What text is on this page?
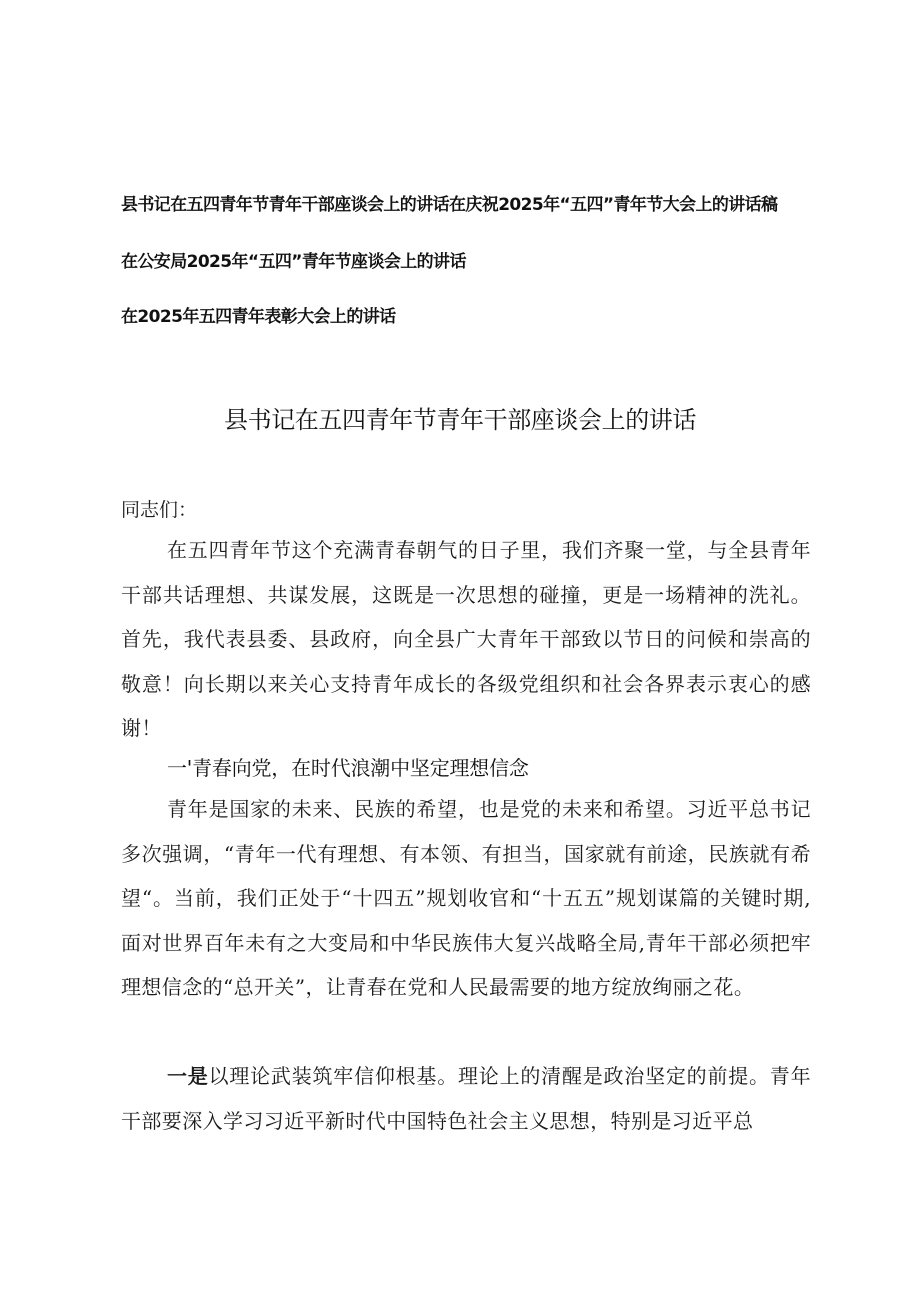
县书记在五四青年节青年干部座谈会上的讲话在庆祝2025年“五四”青年节大会上的讲话稿
在公安局2025年“五四”青年节座谈会上的讲话
在2025年五四青年表彰大会上的讲话
县书记在五四青年节青年干部座谈会上的讲话
同志们：

在五四青年节这个充满青春朝气的日子里，我们齐聚一堂，与全县青年干部共话理想、共谋发展，这既是一次思想的碰撞，更是一场精神的洗礼。首先，我代表县委、县政府，向全县广大青年干部致以节日的问候和崇高的敬意！向长期以来关心支持青年成长的各级党组织和社会各界表示衷心的感谢！

一'青春向党，在时代浪潮中坚定理想信念

青年是国家的未来、民族的希望，也是党的未来和希望。习近平总书记多次强调，“青年一代有理想、有本领、有担当，国家就有前途，民族就有希望“。当前，我们正处于“十四五”规划收官和“十五五”规划谋篇的关键时期,面对世界百年未有之大变局和中华民族伟大复兴战略全局,青年干部必须把牢理想信念的“总开关”，让青春在党和人民最需要的地方绽放绚丽之花。

一是以理论武装筑牢信仰根基。理论上的清醒是政治坚定的前提。青年干部要深入学习习近平新时代中国特色社会主义思想，特别是习近平总
